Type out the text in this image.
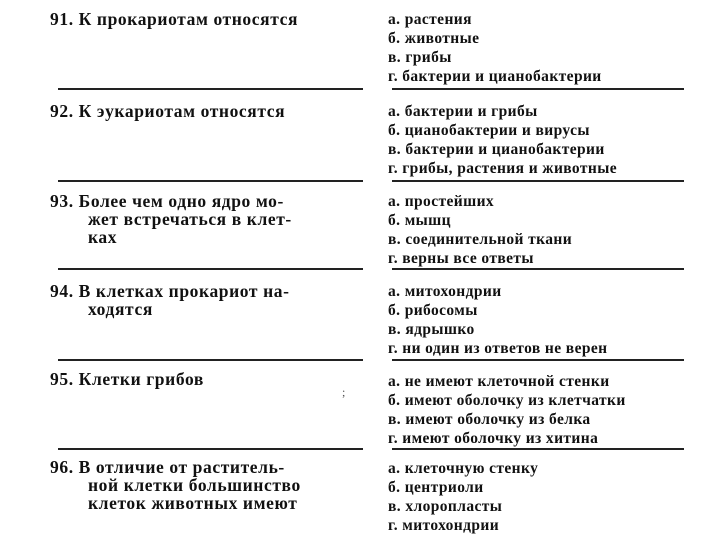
91. К прокариотам относятся	а. растения
б. животные
в. грибы
г. бактерии и цианобактерии
92. К эукариотам относятся	а. бактерии и грибы
б. цианобактерии и вирусы
в. бактерии и цианобактерии
г. грибы, растения и животные
93. Более чем одно ядро мо-
жет встречаться в клет-
ках
а. простейших
б. мышц
в. соединительной ткани
г. верны все ответы
94. В клетках прокариот на-
ходятся
а. митохондрии
б. рибосомы
в. ядрышко
г. ни один из ответов не верен
95. Клетки грибов	а. не имеют клеточной стенки
б. имеют оболочку из клетчатки
в. имеют оболочку из белка
г. имеют оболочку из хитина
;
96. В отличие от раститель-
ной клетки большинство
клеток животных имеют
а. клеточную стенку
б. центриоли
в. хлоропласты
г. митохондрии
